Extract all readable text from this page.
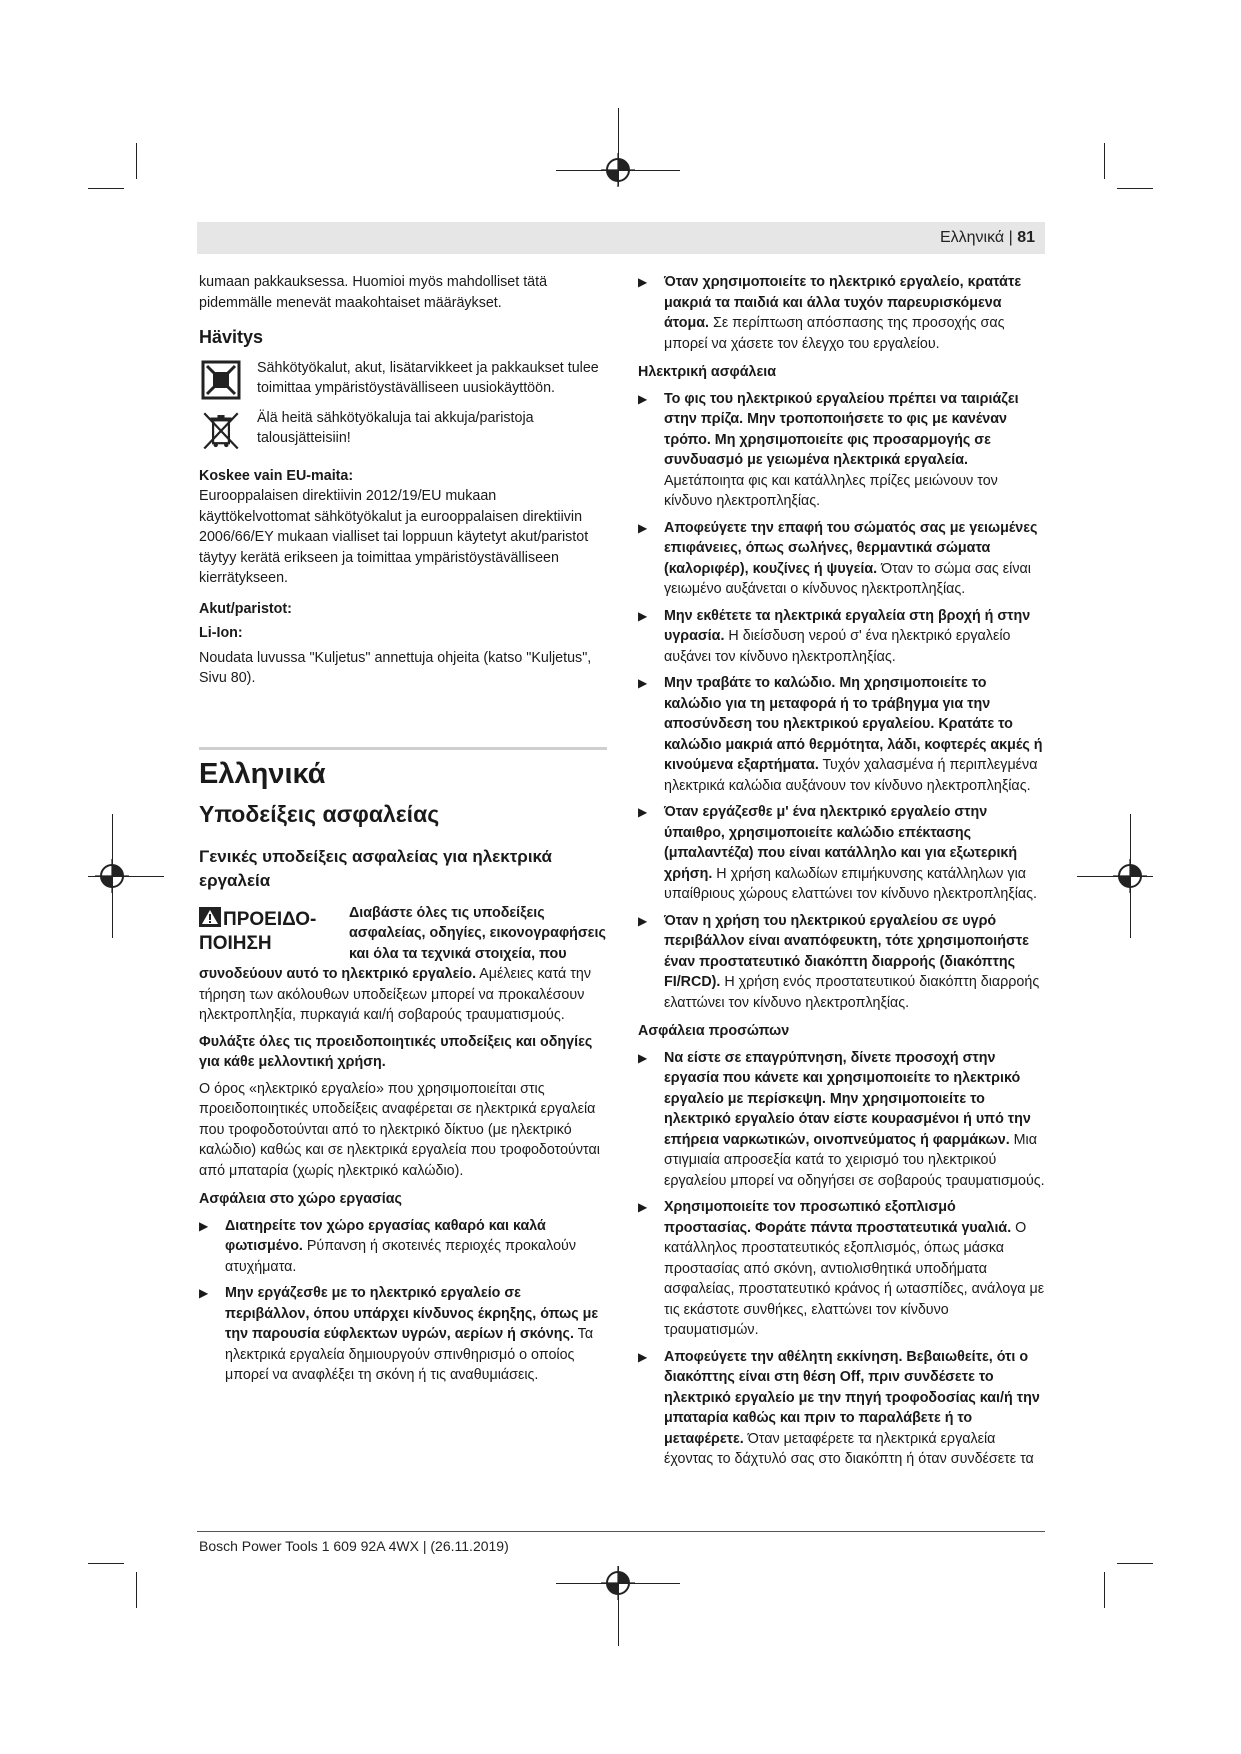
Ελληνικά | 81

kumaan pakkauksessa. Huomioi myös mahdolliset tätä pidemmälle menevät maakohtaiset määräykset.

Hävitys

Sähkötyökalut, akut, lisätarvikkeet ja pakkaukset tulee toimittaa ympäristöystävälliseen uusiokäyttöön.

Älä heitä sähkötyökaluja tai akkuja/paristoja talousjätteisiin!

Koskee vain EU-maita:

Eurooppalaisen direktiivin 2012/19/EU mukaan käyttökelvottomat sähkötyökalut ja eurooppalaisen direktiivin 2006/66/EY mukaan vialliset tai loppuun käytetyt akut/paristot täytyy kerätä erikseen ja toimittaa ympäristöystävälliseen kierrätykseen.

Akut/paristot:

Li-Ion:

Noudata luvussa "Kuljetus" annettuja ohjeita (katso "Kuljetus", Sivu 80).

Ελληνικά
Υποδείξεις ασφαλείας
Γενικές υποδείξεις ασφαλείας για ηλεκτρικά εργαλεία
ΠΡΟΕΙΔΟ-ΠΟΙΗΣΗ

Διαβάστε όλες τις υποδείξεις ασφαλείας, οδηγίες, εικονογραφήσεις και όλα τα τεχνικά στοιχεία, που συνοδεύουν αυτό το ηλεκτρικό εργαλείο. Αμέλειες κατά την τήρηση των ακόλουθων υποδείξεων μπορεί να προκαλέσουν ηλεκτροπληξία, πυρκαγιά και/ή σοβαρούς τραυματισμούς.

Φυλάξτε όλες τις προειδοποιητικές υποδείξεις και οδηγίες για κάθε μελλοντική χρήση.

Ο όρος «ηλεκτρικό εργαλείο» που χρησιμοποιείται στις προειδοποιητικές υποδείξεις αναφέρεται σε ηλεκτρικά εργαλεία που τροφοδοτούνται από το ηλεκτρικό δίκτυο (με ηλεκτρικό καλώδιο) καθώς και σε ηλεκτρικά εργαλεία που τροφοδοτούνται από μπαταρία (χωρίς ηλεκτρικό καλώδιο).

Ασφάλεια στο χώρο εργασίας

▶ Διατηρείτε τον χώρο εργασίας καθαρό και καλά φωτισμένο. Ρύπανση ή σκοτεινές περιοχές προκαλούν ατυχήματα.
▶ Μην εργάζεσθε με το ηλεκτρικό εργαλείο σε περιβάλλον, όπου υπάρχει κίνδυνος έκρηξης, όπως με την παρουσία εύφλεκτων υγρών, αερίων ή σκόνης. Τα ηλεκτρικά εργαλεία δημιουργούν σπινθηρισμό ο οποίος μπορεί να αναφλέξει τη σκόνη ή τις αναθυμιάσεις.
▶ Όταν χρησιμοποιείτε το ηλεκτρικό εργαλείο, κρατάτε μακριά τα παιδιά και άλλα τυχόν παρευρισκόμενα άτομα. Σε περίπτωση απόσπασης της προσοχής σας μπορεί να χάσετε τον έλεγχο του εργαλείου.

Ηλεκτρική ασφάλεια

▶ Το φις του ηλεκτρικού εργαλείου πρέπει να ταιριάζει στην πρίζα. Μην τροποποιήσετε το φις με κανέναν τρόπο. Μη χρησιμοποιείτε φις προσαρμογής σε συνδυασμό με γειωμένα ηλεκτρικά εργαλεία. Αμετάποιητα φις και κατάλληλες πρίζες μειώνουν τον κίνδυνο ηλεκτροπληξίας.
▶ Αποφεύγετε την επαφή του σώματός σας με γειωμένες επιφάνειες, όπως σωλήνες, θερμαντικά σώματα (καλοριφέρ), κουζίνες ή ψυγεία. Όταν το σώμα σας είναι γειωμένο αυξάνεται ο κίνδυνος ηλεκτροπληξίας.
▶ Μην εκθέτετε τα ηλεκτρικά εργαλεία στη βροχή ή στην υγρασία. Η διείσδυση νερού σ' ένα ηλεκτρικό εργαλείο αυξάνει τον κίνδυνο ηλεκτροπληξίας.
▶ Μην τραβάτε το καλώδιο. Μη χρησιμοποιείτε το καλώδιο για τη μεταφορά ή το τράβηγμα για την αποσύνδεση του ηλεκτρικού εργαλείου. Κρατάτε το καλώδιο μακριά από θερμότητα, λάδι, κοφτερές ακμές ή κινούμενα εξαρτήματα. Τυχόν χαλασμένα ή περιπλεγμένα ηλεκτρικά καλώδια αυξάνουν τον κίνδυνο ηλεκτροπληξίας.
▶ Όταν εργάζεσθε μ' ένα ηλεκτρικό εργαλείο στην ύπαιθρο, χρησιμοποιείτε καλώδιο επέκτασης (μπαλαντέζα) που είναι κατάλληλο και για εξωτερική χρήση. Η χρήση καλωδίων επιμήκυνσης κατάλληλων για υπαίθριους χώρους ελαττώνει τον κίνδυνο ηλεκτροπληξίας.
▶ Όταν η χρήση του ηλεκτρικού εργαλείου σε υγρό περιβάλλον είναι αναπόφευκτη, τότε χρησιμοποιήστε έναν προστατευτικό διακόπτη διαρροής (διακόπτης FI/RCD). Η χρήση ενός προστατευτικού διακόπτη διαρροής ελαττώνει τον κίνδυνο ηλεκτροπληξίας.

Ασφάλεια προσώπων

▶ Να είστε σε επαγρύπνηση, δίνετε προσοχή στην εργασία που κάνετε και χρησιμοποιείτε το ηλεκτρικό εργαλείο με περίσκεψη. Μην χρησιμοποιείτε το ηλεκτρικό εργαλείο όταν είστε κουρασμένοι ή υπό την επήρεια ναρκωτικών, οινοπνεύματος ή φαρμάκων. Μια στιγμιαία απροσεξία κατά το χειρισμό του ηλεκτρικού εργαλείου μπορεί να οδηγήσει σε σοβαρούς τραυματισμούς.
▶ Χρησιμοποιείτε τον προσωπικό εξοπλισμό προστασίας. Φοράτε πάντα προστατευτικά γυαλιά. Ο κατάλληλος προστατευτικός εξοπλισμός, όπως μάσκα προστασίας από σκόνη, αντιολισθητικά υποδήματα ασφαλείας, προστατευτικό κράνος ή ωτασπίδες, ανάλογα με τις εκάστοτε συνθήκες, ελαττώνει τον κίνδυνο τραυματισμών.
▶ Αποφεύγετε την αθέλητη εκκίνηση. Βεβαιωθείτε, ότι ο διακόπτης είναι στη θέση Off, πριν συνδέσετε το ηλεκτρικό εργαλείο με την πηγή τροφοδοσίας και/ή την μπαταρία καθώς και πριν το παραλάβετε ή το μεταφέρετε. Όταν μεταφέρετε τα ηλεκτρικά εργαλεία έχοντας το δάχτυλό σας στο διακόπτη ή όταν συνδέσετε τα
Bosch Power Tools 1 609 92A 4WX | (26.11.2019)
